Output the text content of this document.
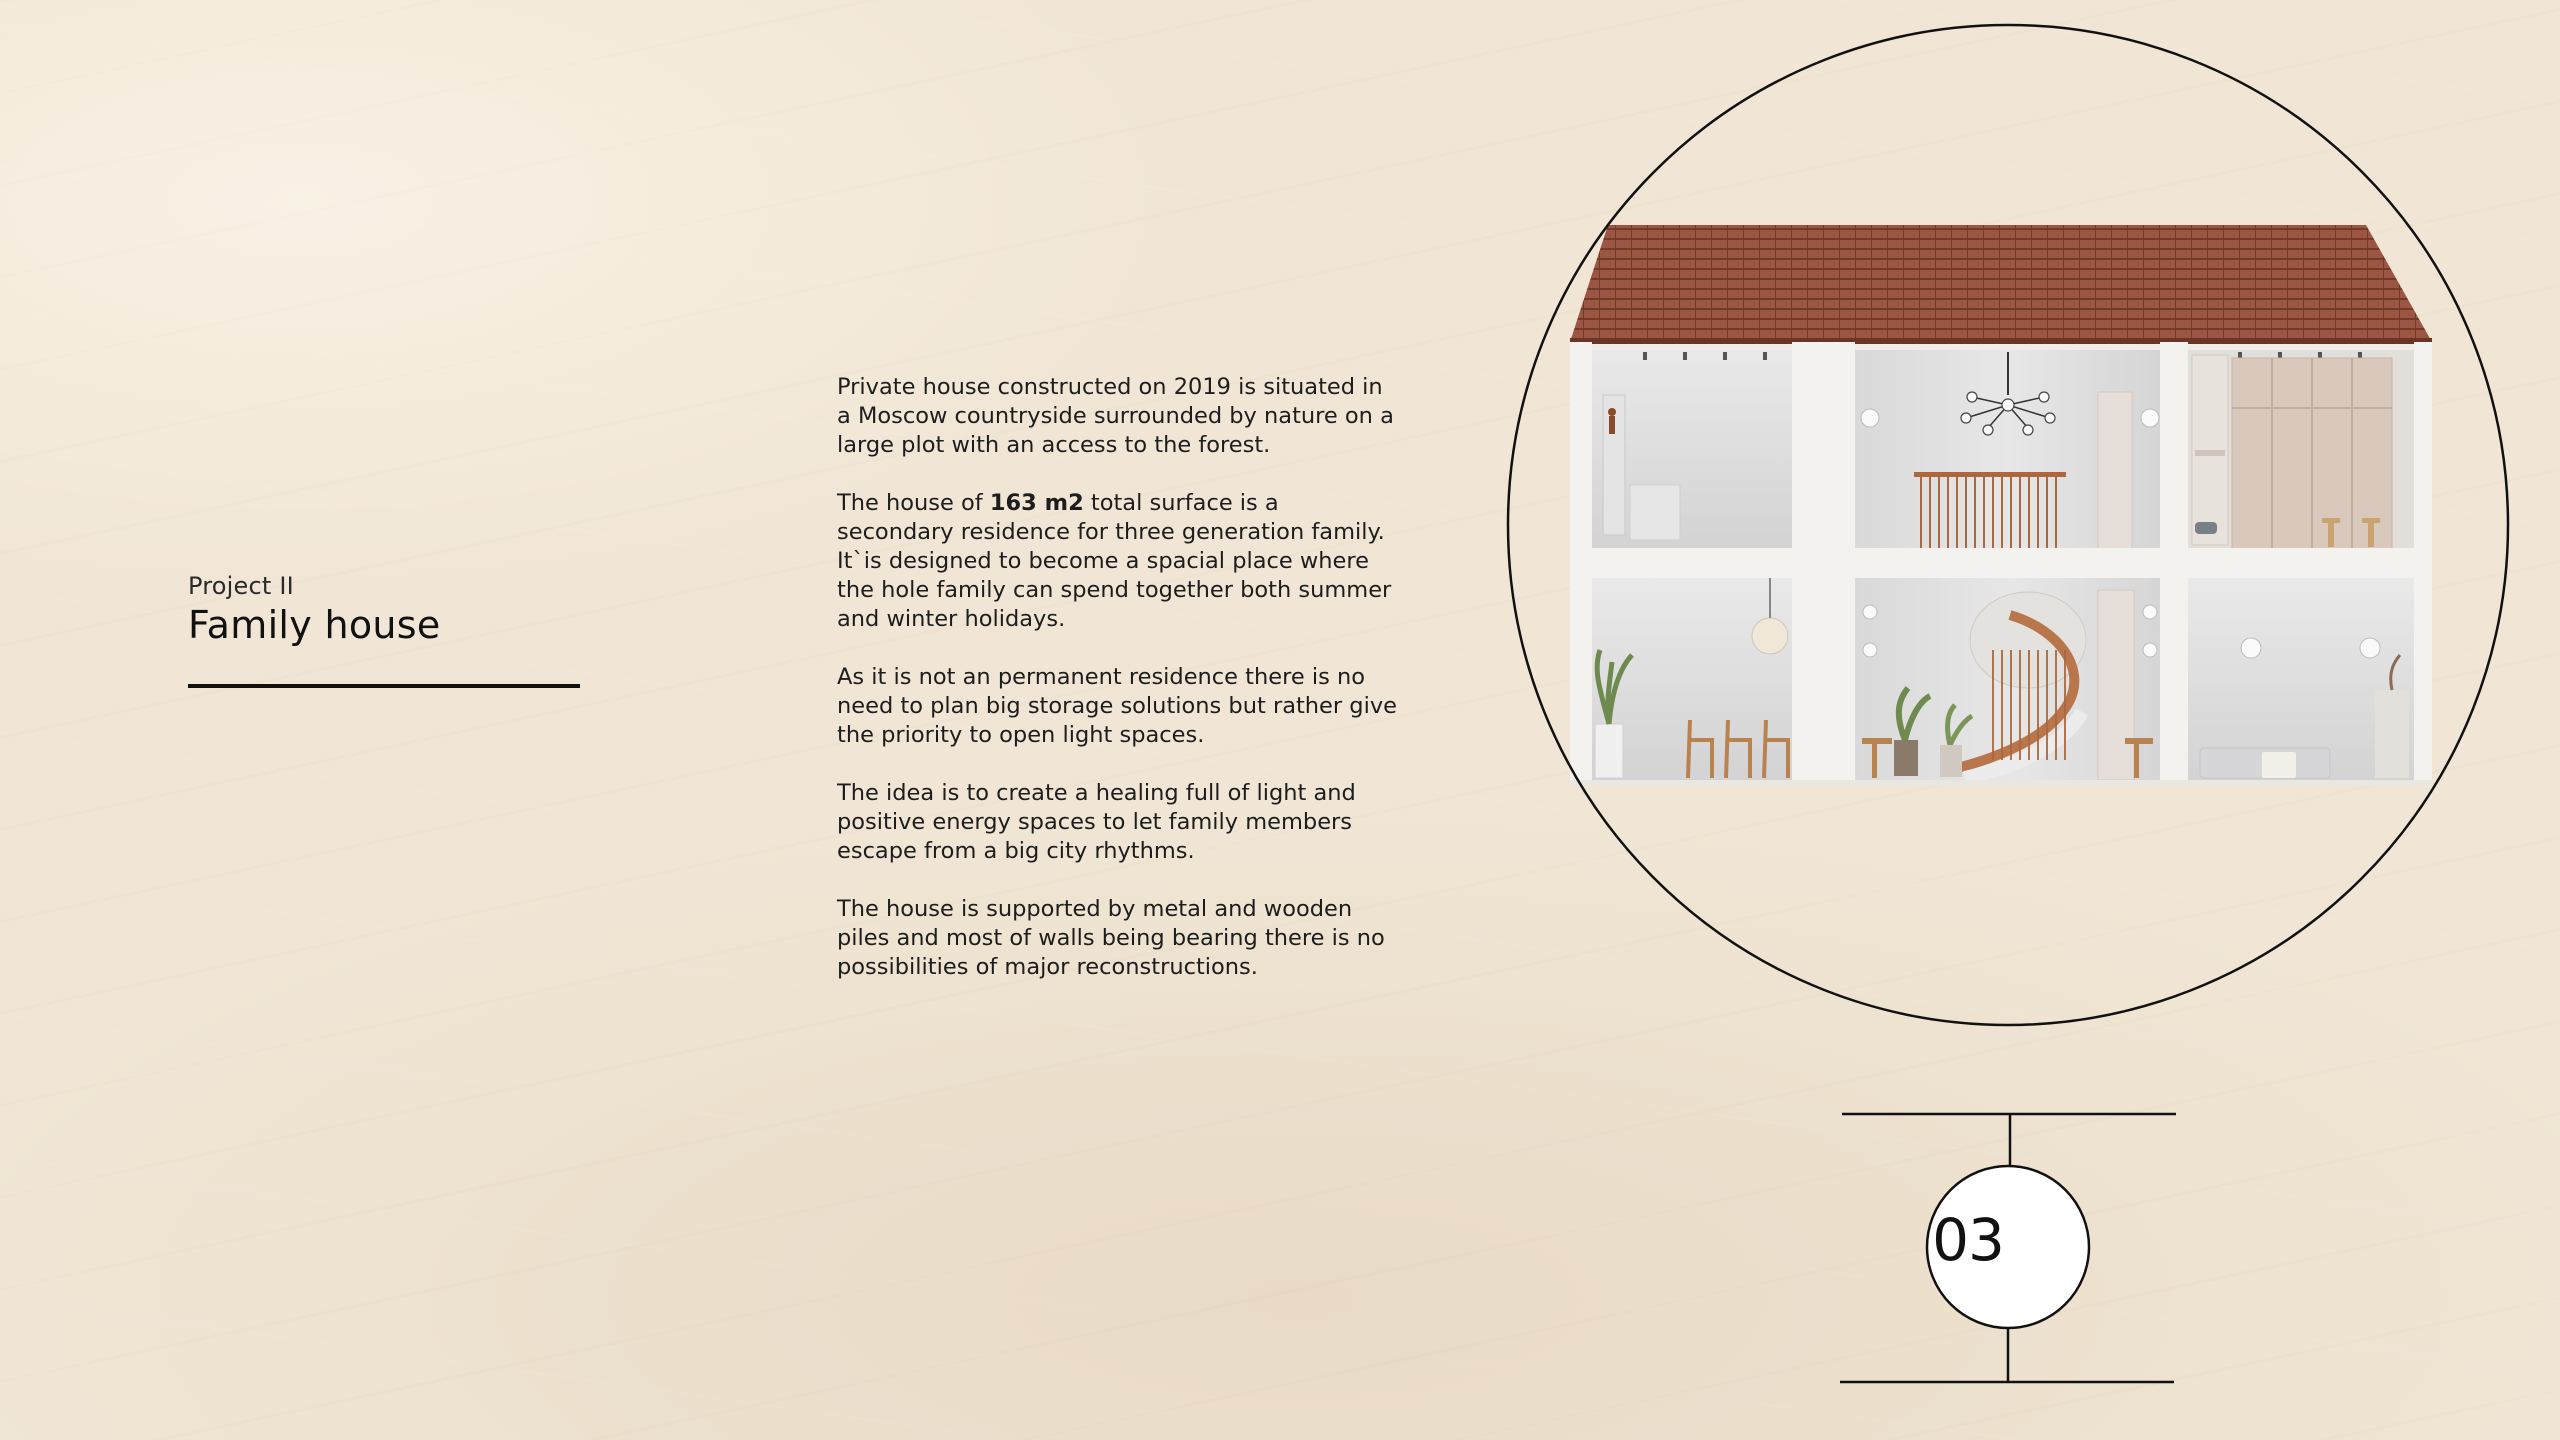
Project II
Family house

Private house constructed on 2019 is situated in a Moscow countryside surrounded by nature on a large plot with an access to the forest.

The house of 163 m2 total surface is a secondary residence for three generation family. It`is designed to become a spacial place where the hole family can spend together both summer and winter holidays.

As it is not an permanent residence there is no need to plan big storage solutions but rather give the priority to open light spaces.

The idea is to create a healing full of light and positive energy spaces to let family members escape from a big city rhythms.

The house is supported by metal and wooden piles and most of walls being bearing there is no possibilities of major reconstructions.

03
